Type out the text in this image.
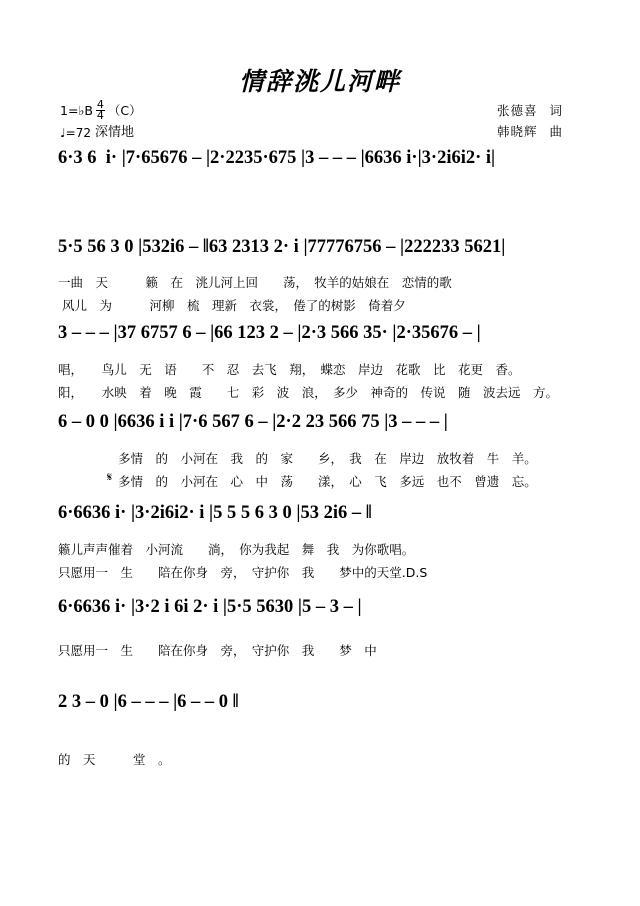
情辞洮儿河畔
张德喜 词
韩晓辉 曲
1= ♭ B $\frac{4}{4} (C)$
♩=72 深情地
6·3 6  i· |7·65676 – |2·2235·675 |3 – – – |6636 i·|3·2i6i2· i|
5·5 56 3 0 |532i6 – ‖63 2313 2· i |77776756 – |222233 5621|
一曲　天　　　籁　在　洮儿河上回　　荡，　牧羊的姑娘在　恋情的歌
风儿　为　　　河柳　梳　理新　衣裳，　倦了的树影　倚着夕
3 – – – |37 6757 6 – |66 123 2 – |2·3 566 35· |2·35676 – |
唱，　　鸟儿　无　语　　不　忍　去飞　翔，　蝶恋　岸边　花歌　比　花更　香。
阳，　　水映　着　晚　霞　　七　彩　波　浪，　多少　神奇的　传说　随　波去远　方。
6 – 0 0 |6636 i i |7·6 567 6 – |2·2 23 566 75 |3 – – – |
多情　的　小河在　我　的　家　　乡，　我　在　岸边　放牧着　牛　羊。
多情　的　小河在　心　中　荡　　漾，　心　飞　多远　也不　曾遗　忘。
𝄋
6·6636 i· |3·2i6i2· i |5 5 5 6 3 0 |53 2i6 – ‖
籁儿声声催着　小河流　　淌，　你为我起　舞　我　为你歌唱。
只愿用一　生　　陪在你身　旁，　守护你　我　　梦中的天堂.D.S
6·6636 i· |3·2 i 6i 2· i |5·5 5630 |5 – 3 – |
只愿用一　生　　陪在你身　旁，　守护你　我　　梦　中
2 3 – 0 |6 – – – |6 – – 0 ‖
的　天　　　堂　。
